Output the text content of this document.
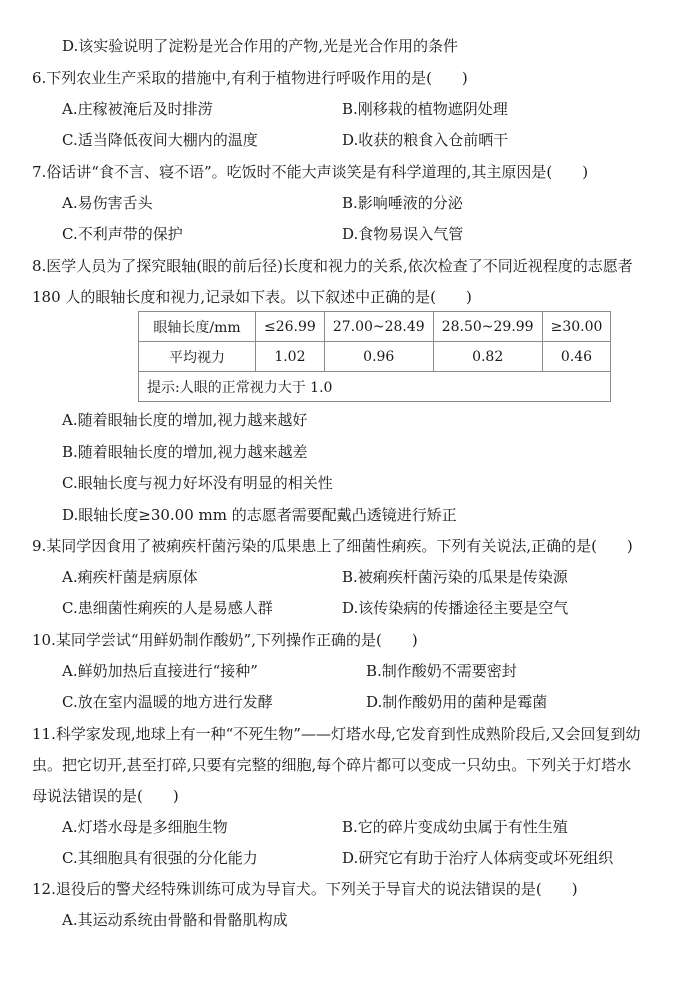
D.该实验说明了淀粉是光合作用的产物,光是光合作用的条件
6.下列农业生产采取的措施中,有利于植物进行呼吸作用的是(　　)
A.庄稼被淹后及时排涝	B.刚移栽的植物遮阴处理
C.适当降低夜间大棚内的温度	D.收获的粮食入仓前晒干
7.俗话讲“食不言、寝不语”。吃饭时不能大声谈笑是有科学道理的,其主原因是(　　)
A.易伤害舌头	B.影响唾液的分泌
C.不利声带的保护	D.食物易误入气管
8.医学人员为了探究眼轴(眼的前后径)长度和视力的关系,依次检查了不同近视程度的志愿者
180 人的眼轴长度和视力,记录如下表。以下叙述中正确的是(　　)
眼轴长度/mm	≤26.99	27.00~28.49	28.50~29.99	≥30.00
平均视力	1.02	0.96	0.82	0.46
提示:人眼的正常视力大于 1.0				
A.随着眼轴长度的增加,视力越来越好
B.随着眼轴长度的增加,视力越来越差
C.眼轴长度与视力好坏没有明显的相关性
D.眼轴长度≥30.00 mm 的志愿者需要配戴凸透镜进行矫正
9.某同学因食用了被痢疾杆菌污染的瓜果患上了细菌性痢疾。下列有关说法,正确的是(　　)
A.痢疾杆菌是病原体	B.被痢疾杆菌污染的瓜果是传染源
C.患细菌性痢疾的人是易感人群	D.该传染病的传播途径主要是空气
10.某同学尝试“用鲜奶制作酸奶”,下列操作正确的是(　　)
A.鲜奶加热后直接进行“接种”	B.制作酸奶不需要密封
C.放在室内温暖的地方进行发酵	D.制作酸奶用的菌种是霉菌
11.科学家发现,地球上有一种“不死生物”——灯塔水母,它发育到性成熟阶段后,又会回复到幼
虫。把它切开,甚至打碎,只要有完整的细胞,每个碎片都可以变成一只幼虫。下列关于灯塔水
母说法错误的是(　　)
A.灯塔水母是多细胞生物	B.它的碎片变成幼虫属于有性生殖
C.其细胞具有很强的分化能力	D.研究它有助于治疗人体病变或坏死组织
12.退役后的警犬经特殊训练可成为导盲犬。下列关于导盲犬的说法错误的是(　　)
A.其运动系统由骨骼和骨骼肌构成
